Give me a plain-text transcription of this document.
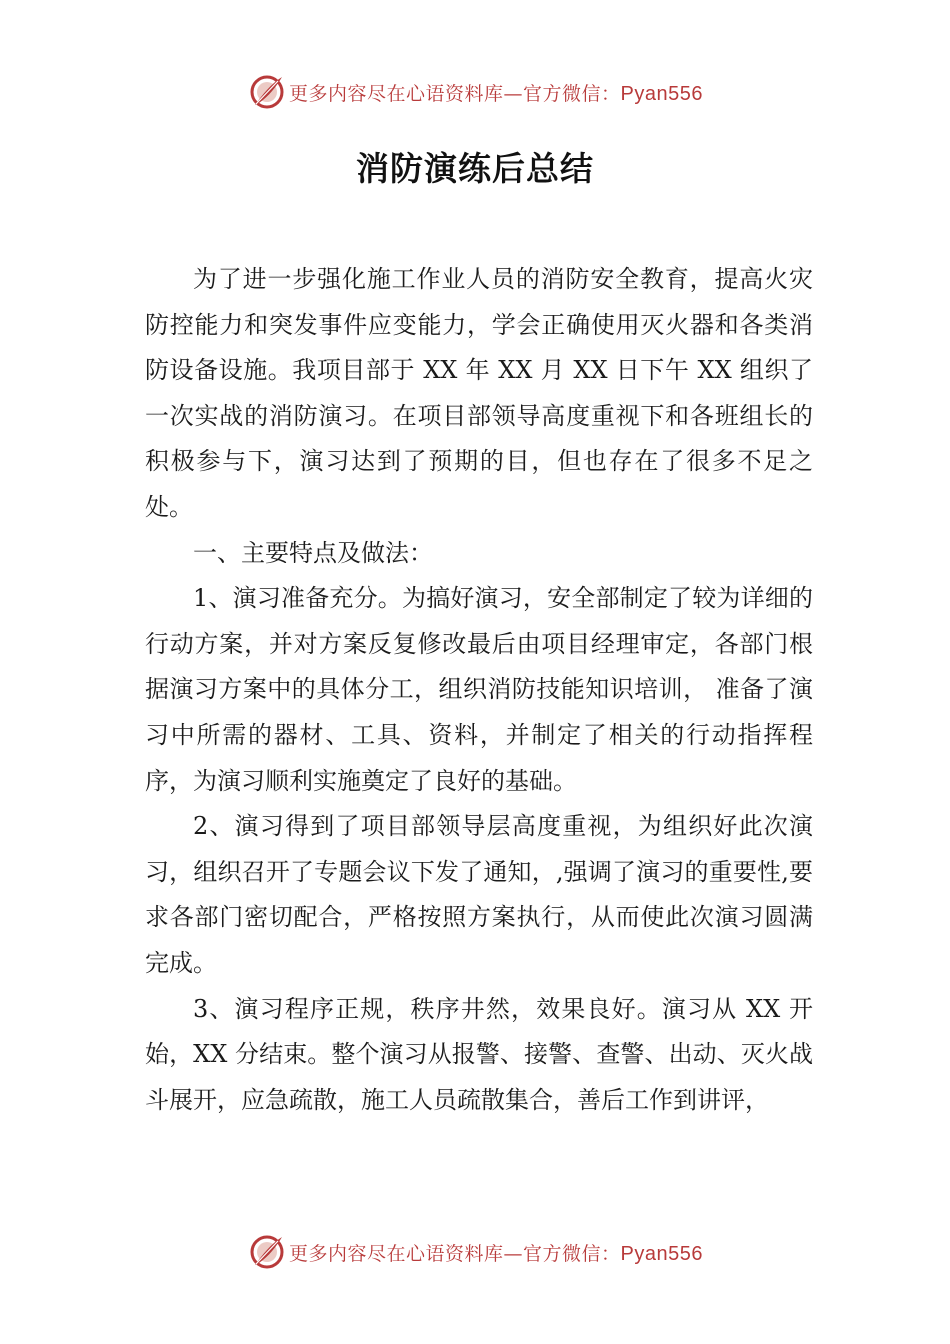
更多内容尽在心语资料库—官方微信：Pyan556
消防演练后总结

为了进一步强化施工作业人员的消防安全教育，提高火灾防控能力和突发事件应变能力，学会正确使用灭火器和各类消防设备设施。我项目部于 XX 年 XX 月 XX 日下午 XX 组织了一次实战的消防演习。在项目部领导高度重视下和各班组长的积极参与下，演习达到了预期的目，但也存在了很多不足之处。

一、主要特点及做法：

1、演习准备充分。为搞好演习，安全部制定了较为详细的行动方案，并对方案反复修改最后由项目经理审定，各部门根据演习方案中的具体分工，组织消防技能知识培训， 准备了演习中所需的器材、工具、资料，并制定了相关的行动指挥程序，为演习顺利实施奠定了良好的基础。

2、演习得到了项目部领导层高度重视，为组织好此次演习，组织召开了专题会议下发了通知，,强调了演习的重要性,要求各部门密切配合，严格按照方案执行，从而使此次演习圆满完成。

3、演习程序正规，秩序井然，效果良好。演习从 XX 开始，XX 分结束。整个演习从报警、接警、查警、出动、灭火战斗展开，应急疏散，施工人员疏散集合，善后工作到讲评，

更多内容尽在心语资料库—官方微信：Pyan556
